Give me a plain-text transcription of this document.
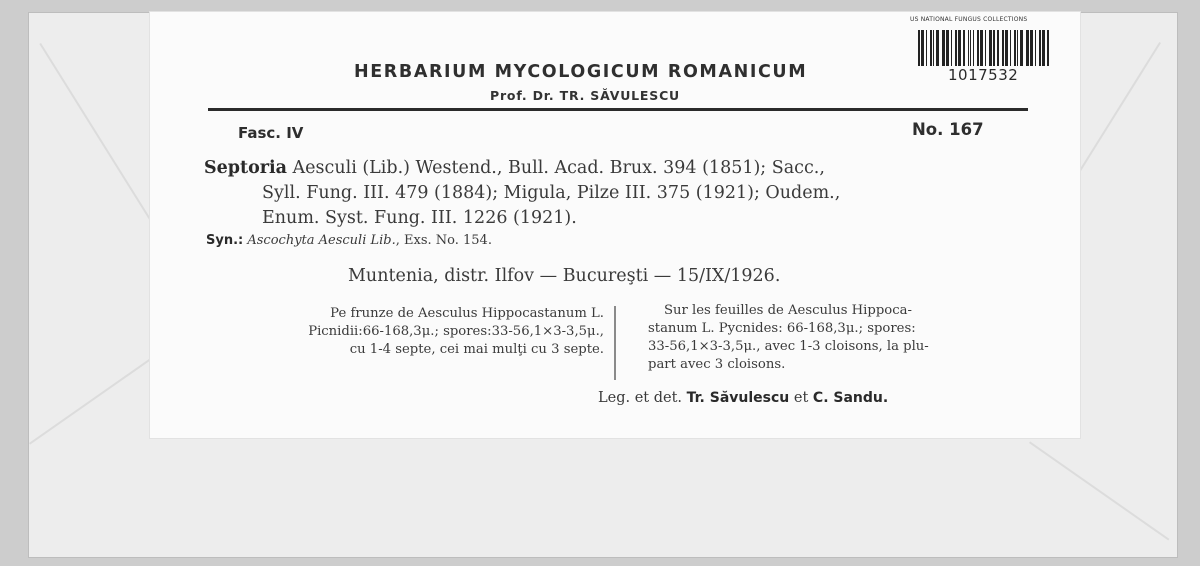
US NATIONAL FUNGUS COLLECTIONS
1017532
HERBARIUM MYCOLOGICUM ROMANICUM
Prof. Dr. TR. SĂVULESCU
Fasc. IV	No. 167
Septoria Aesculi (Lib.) Westend., Bull. Acad. Brux. 394 (1851); Sacc.,
Syll. Fung. III. 479 (1884); Migula, Pilze III. 375 (1921); Oudem.,
Enum. Syst. Fung. III. 1226 (1921).
Syn.: Ascochyta Aesculi Lib., Exs. No. 154.
Muntenia, distr. Ilfov — Bucureşti — 15/IX/1926.
Pe frunze de Aesculus Hippocastanum L.
Picnidii:66-168,3μ.; spores:33-56,1×3-3,5μ.,
cu 1-4 septe, cei mai mulţi cu 3 septe.
Sur les feuilles de Aesculus Hippoca-
stanum L. Pycnides: 66-168,3μ.; spores:
33-56,1×3-3,5μ., avec 1-3 cloisons, la plu-
part avec 3 cloisons.
Leg. et det. Tr. Săvulescu et C. Sandu.
